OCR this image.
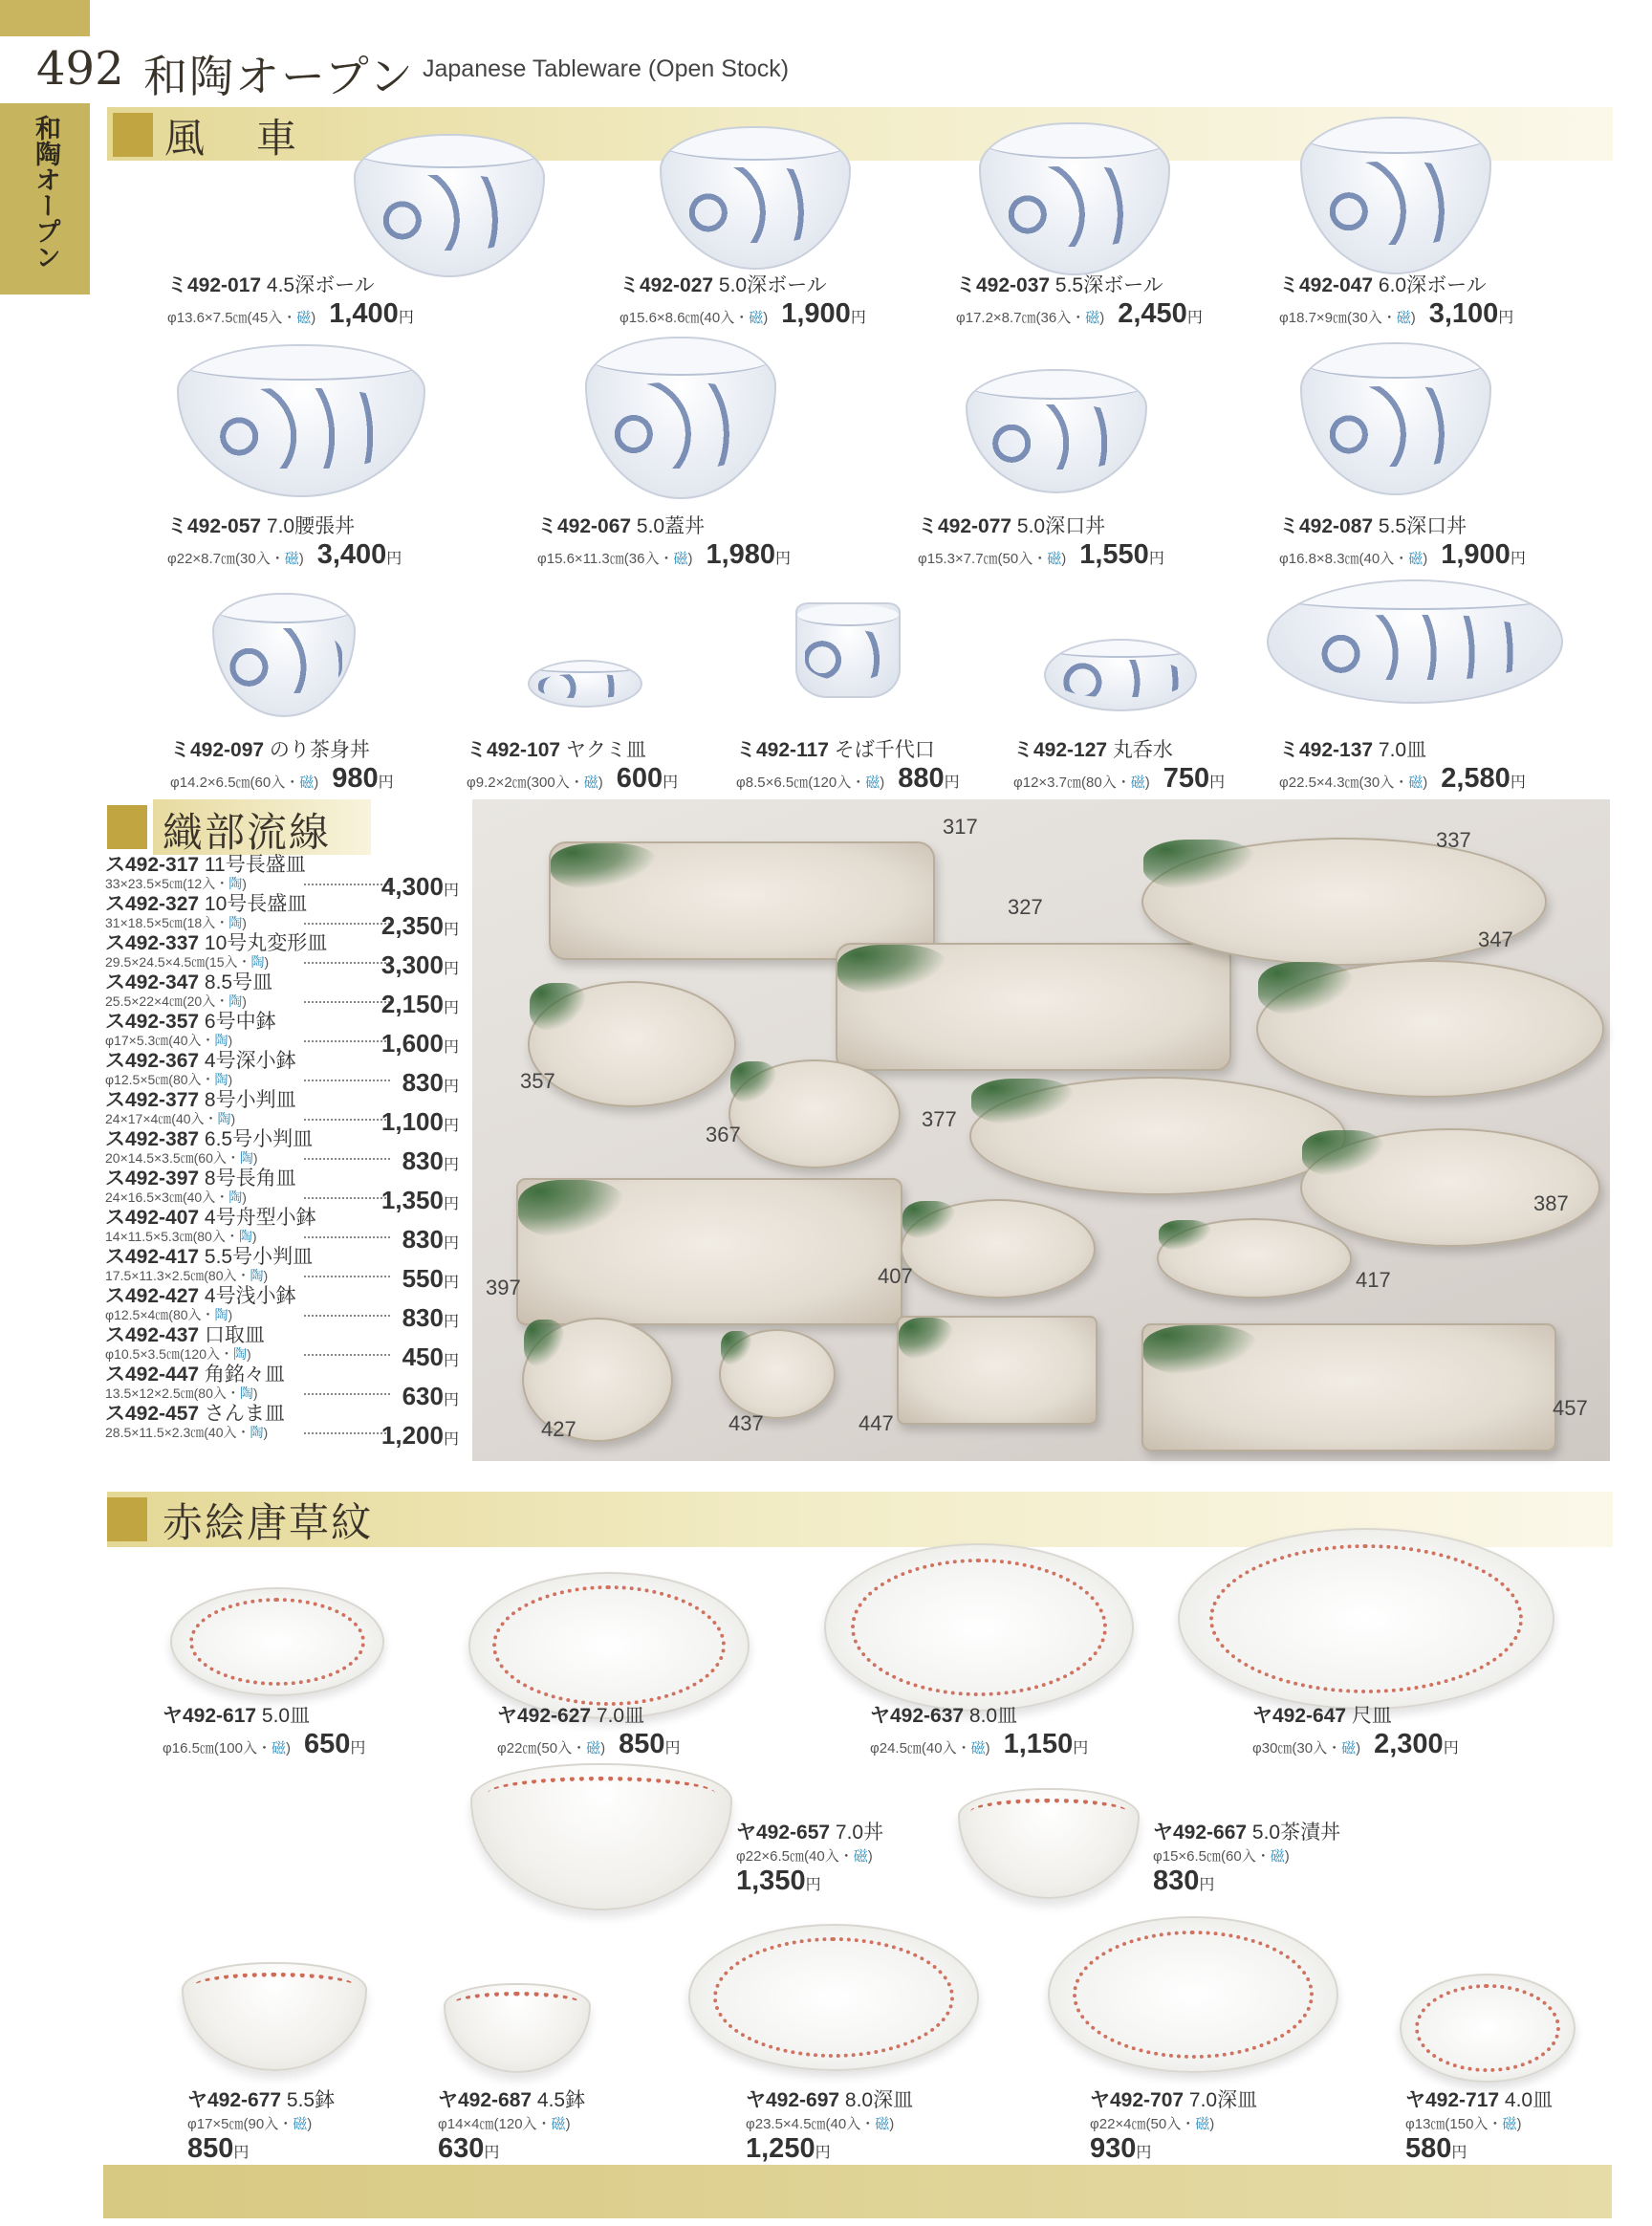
492 和陶オープン Japanese Tableware (Open Stock)
和陶オープン	風　車
ミ492-017 4.5深ボール
φ13.6×7.5㎝(45入・磁) 1,400円
ミ492-027 5.0深ボール
φ15.6×8.6㎝(40入・磁) 1,900円
ミ492-037 5.5深ボール
φ17.2×8.7㎝(36入・磁) 2,450円
ミ492-047 6.0深ボール
φ18.7×9㎝(30入・磁) 3,100円
ミ492-057 7.0腰張丼
φ22×8.7㎝(30入・磁) 3,400円
ミ492-067 5.0蓋丼
φ15.6×11.3㎝(36入・磁) 1,980円
ミ492-077 5.0深口丼
φ15.3×7.7㎝(50入・磁) 1,550円
ミ492-087 5.5深口丼
φ16.8×8.3㎝(40入・磁) 1,900円
ミ492-097 のり茶身丼
φ14.2×6.5㎝(60入・磁) 980円
ミ492-107 ヤクミ皿
φ9.2×2㎝(300入・磁) 600円
ミ492-117 そば千代口
φ8.5×6.5㎝(120入・磁) 880円
ミ492-127 丸呑水
φ12×3.7㎝(80入・磁) 750円
ミ492-137 7.0皿
φ22.5×4.3㎝(30入・磁) 2,580円
織部流線
ス492-317 11号長盛皿
33×23.5×5㎝(12入・陶)	4,300円
ス492-327 10号長盛皿
31×18.5×5㎝(18入・陶)	2,350円
ス492-337 10号丸変形皿
29.5×24.5×4.5㎝(15入・陶)	3,300円
ス492-347 8.5号皿
25.5×22×4㎝(20入・陶)	2,150円
ス492-357 6号中鉢
φ17×5.3㎝(40入・陶)	1,600円
ス492-367 4号深小鉢
φ12.5×5㎝(80入・陶)	830円
ス492-377 8号小判皿
24×17×4㎝(40入・陶)	1,100円
ス492-387 6.5号小判皿
20×14.5×3.5㎝(60入・陶)	830円
ス492-397 8号長角皿
24×16.5×3㎝(40入・陶)	1,350円
ス492-407 4号舟型小鉢
14×11.5×5.3㎝(80入・陶)	830円
ス492-417 5.5号小判皿
17.5×11.3×2.5㎝(80入・陶)	550円
ス492-427 4号浅小鉢
φ12.5×4㎝(80入・陶)	830円
ス492-437 口取皿
φ10.5×3.5㎝(120入・陶)	450円
ス492-447 角銘々皿
13.5×12×2.5㎝(80入・陶)	630円
ス492-457 さんま皿
28.5×11.5×2.3㎝(40入・陶)	1,200円
317
327
337
347
357
367
377
387
397	407	417
427	437	447
457
赤絵唐草紋
ヤ492-617 5.0皿
φ16.5㎝(100入・磁) 650円
ヤ492-627 7.0皿
φ22㎝(50入・磁) 850円
ヤ492-637 8.0皿
φ24.5㎝(40入・磁) 1,150円
ヤ492-647 尺皿
φ30㎝(30入・磁) 2,300円
ヤ492-657 7.0丼
φ22×6.5㎝(40入・磁)
1,350円
ヤ492-667 5.0茶漬丼
φ15×6.5㎝(60入・磁)
830円
ヤ492-677 5.5鉢
φ17×5㎝(90入・磁)
850円
ヤ492-687 4.5鉢
φ14×4㎝(120入・磁)
630円
ヤ492-697 8.0深皿
φ23.5×4.5㎝(40入・磁)
1,250円
ヤ492-707 7.0深皿
φ22×4㎝(50入・磁)
930円
ヤ492-717 4.0皿
φ13㎝(150入・磁)
580円
